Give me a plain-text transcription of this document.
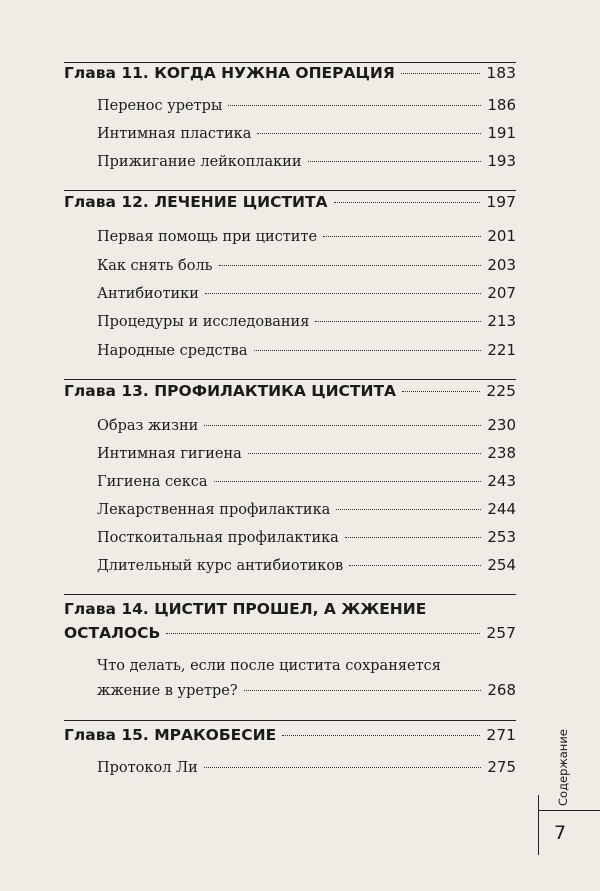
Глава 11. КОГДА НУЖНА ОПЕРАЦИЯ	183
Перенос уретры	186
Интимная пластика	191
Прижигание лейкоплакии	193
Глава 12. ЛЕЧЕНИЕ ЦИСТИТА	197
Первая помощь при цистите	201
Как снять боль	203
Антибиотики	207
Процедуры и исследования	213
Народные средства	221
Глава 13. ПРОФИЛАКТИКА ЦИСТИТА	225
Образ жизни	230
Интимная гигиена	238
Гигиена секса	243
Лекарственная профилактика	244
Посткоитальная профилактика	253
Длительный курс антибиотиков	254
Глава 14. ЦИСТИТ ПРОШЕЛ, А ЖЖЕНИЕ
ОСТАЛОСЬ	257
Что делать, если после цистита сохраняется
жжение в уретре?	268
Глава 15. МРАКОБЕСИЕ	271
Протокол Ли	275	Содержание
7
